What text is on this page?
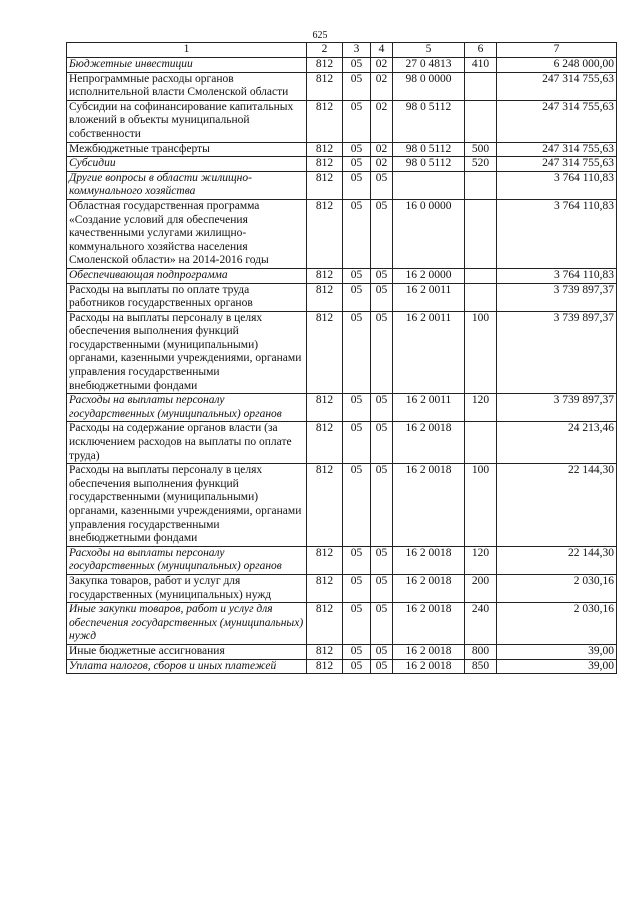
625
1	2	3	4	5	6	7
Бюджетные инвестиции	812	05	02	27 0 4813	410	6 248 000,00
Непрограммные расходы органов исполнительной власти Смоленской области	812	05	02	98 0 0000		247 314 755,63
Субсидии на софинансирование капитальных вложений в объекты муниципальной собственности	812	05	02	98 0 5112		247 314 755,63
Межбюджетные трансферты	812	05	02	98 0 5112	500	247 314 755,63
Субсидии	812	05	02	98 0 5112	520	247 314 755,63
Другие вопросы в области жилищно-коммунального хозяйства	812	05	05			3 764 110,83
Областная государственная программа «Создание условий для обеспечения качественными услугами жилищно-коммунального хозяйства населения Смоленской области» на 2014-2016 годы	812	05	05	16 0 0000		3 764 110,83
Обеспечивающая подпрограмма	812	05	05	16 2 0000		3 764 110,83
Расходы на выплаты по оплате труда работников государственных органов	812	05	05	16 2 0011		3 739 897,37
Расходы на выплаты персоналу в целях обеспечения выполнения функций государственными (муниципальными) органами, казенными учреждениями, органами управления государственными внебюджетными фондами	812	05	05	16 2 0011	100	3 739 897,37
Расходы на выплаты персоналу государственных (муниципальных) органов	812	05	05	16 2 0011	120	3 739 897,37
Расходы на содержание органов власти (за исключением расходов на выплаты по оплате труда)	812	05	05	16 2 0018		24 213,46
Расходы на выплаты персоналу в целях обеспечения выполнения функций государственными (муниципальными) органами, казенными учреждениями, органами управления государственными внебюджетными фондами	812	05	05	16 2 0018	100	22 144,30
Расходы на выплаты персоналу государственных (муниципальных) органов	812	05	05	16 2 0018	120	22 144,30
Закупка товаров, работ и услуг для государственных (муниципальных) нужд	812	05	05	16 2 0018	200	2 030,16
Иные закупки товаров, работ и услуг для обеспечения государственных (муниципальных) нужд	812	05	05	16 2 0018	240	2 030,16
Иные бюджетные ассигнования	812	05	05	16 2 0018	800	39,00
Уплата налогов, сборов и иных платежей	812	05	05	16 2 0018	850	39,00
